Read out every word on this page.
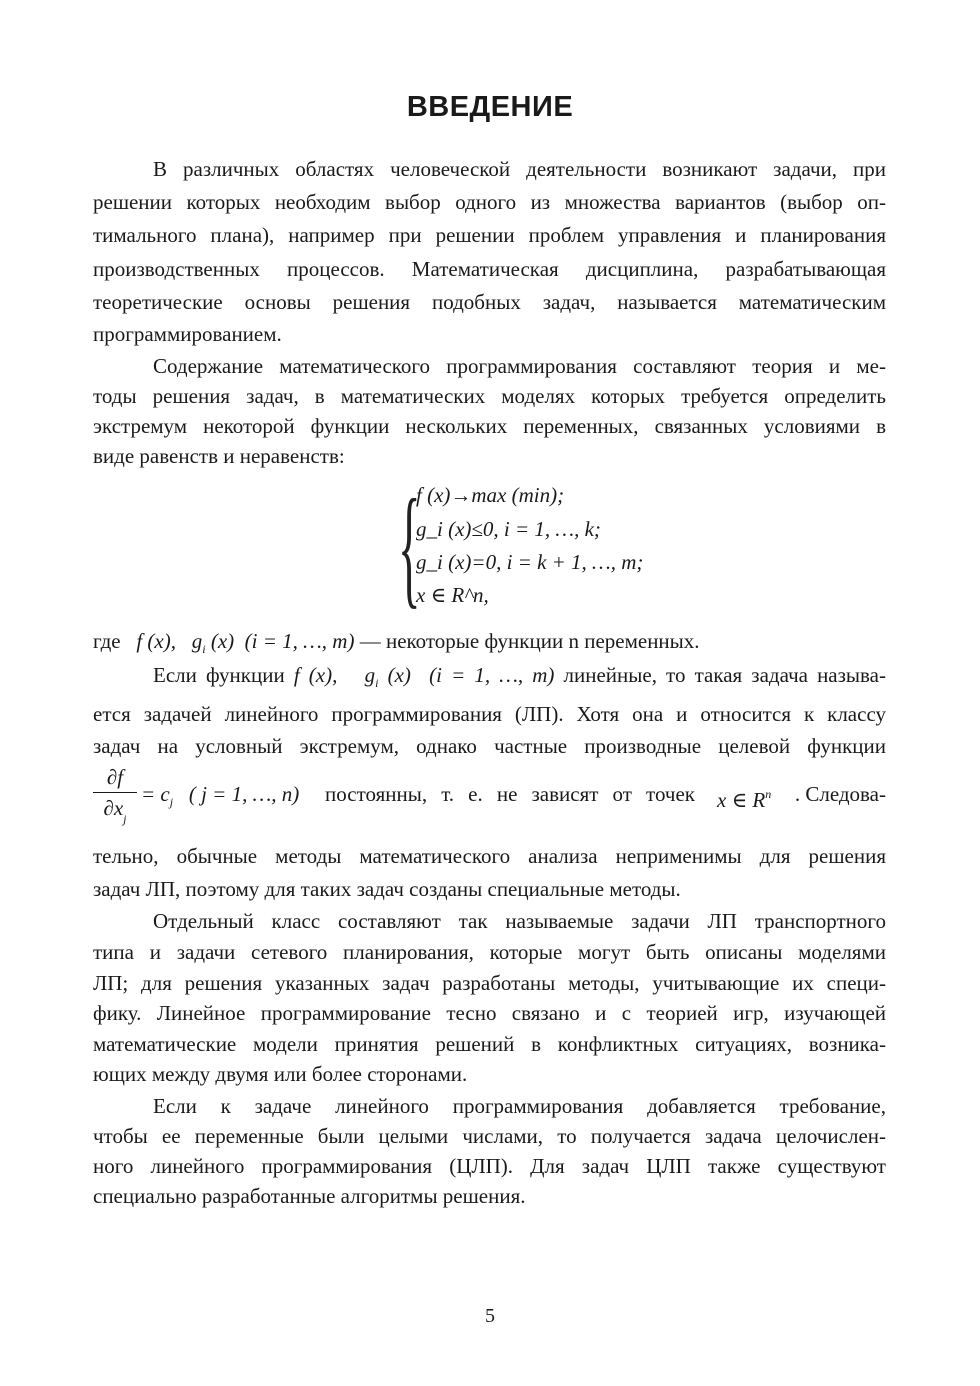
ВВЕДЕНИЕ
В различных областях человеческой деятельности возникают задачи, при
решении которых необходим выбор одного из множества вариантов (выбор оп-
тимального плана), например при решении проблем управления и планирования
производственных процессов. Математическая дисциплина, разрабатывающая
теоретические основы решения подобных задач, называется математическим
программированием.
Содержание математического программирования составляют теория и ме-
тоды решения задач, в математических моделях которых требуется определить
экстремум некоторой функции нескольких переменных, связанных условиями в
виде равенств и неравенств:
{
f (x)→max (min);
g_i (x)≤0, i = 1, …, k;
g_i (x)=0, i = k + 1, …, m;
x ∈ R^n,
где   f (x),   $g_i$ (x)  (i = 1, …, m) — некоторые функции n переменных.
Если функции f (x),   $g_i$ (x)  (i = 1, …, m) линейные, то такая задача называ-
ется задачей линейного программирования (ЛП). Хотя она и относится к классу
задач на условный экстремум, однако частные производные целевой функции
∂f
$\partial x_j$
= $c_j$   ( j = 1, …, n)	постоянны, т. е. не зависят от точек x ∈ $R^n$	. Следова-
тельно, обычные методы математического анализа неприменимы для решения
задач ЛП, поэтому для таких задач созданы специальные методы.
Отдельный класс составляют так называемые задачи ЛП транспортного
типа и задачи сетевого планирования, которые могут быть описаны моделями
ЛП; для решения указанных задач разработаны методы, учитывающие их специ-
фику. Линейное программирование тесно связано и с теорией игр, изучающей
математические модели принятия решений в конфликтных ситуациях, возника-
ющих между двумя или более сторонами.
Если к задаче линейного программирования добавляется требование,
чтобы ее переменные были целыми числами, то получается задача целочислен-
ного линейного программирования (ЦЛП). Для задач ЦЛП также существуют
специально разработанные алгоритмы решения.
5
